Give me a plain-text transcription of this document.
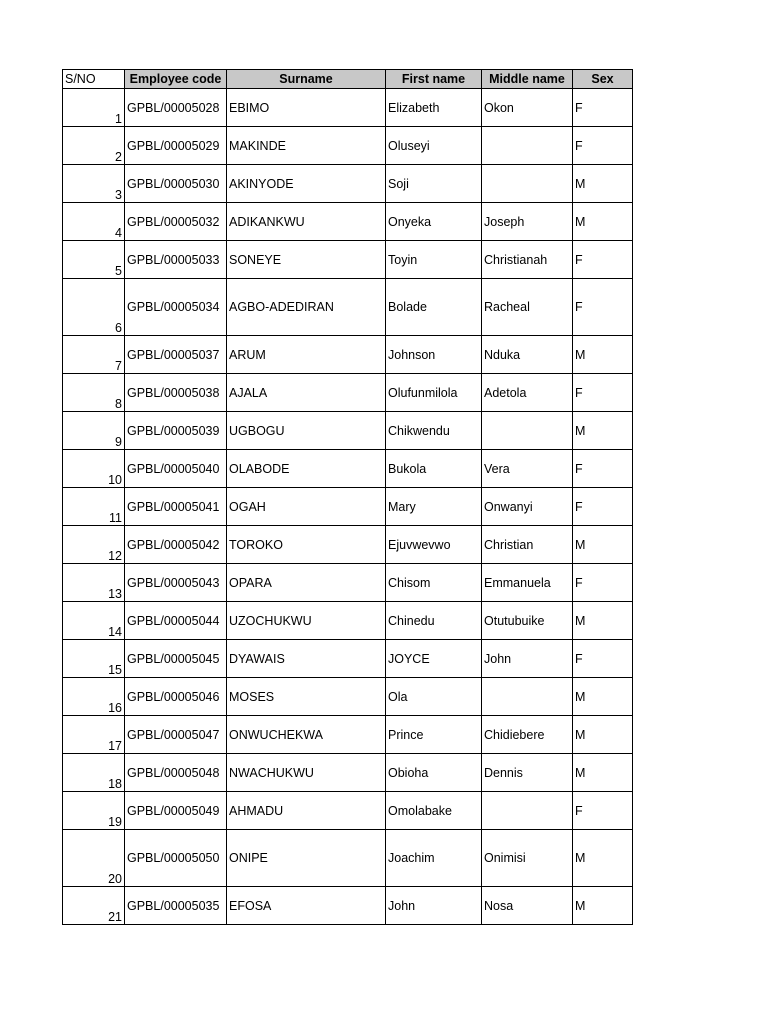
S/NO	Employee code	Surname	First name	Middle name	Sex
1	GPBL/00005028	EBIMO	Elizabeth	Okon	F
2	GPBL/00005029	MAKINDE	Oluseyi		F
3	GPBL/00005030	AKINYODE	Soji		M
4	GPBL/00005032	ADIKANKWU	Onyeka	Joseph	M
5	GPBL/00005033	SONEYE	Toyin	Christianah	F
6	GPBL/00005034	AGBO-ADEDIRAN	Bolade	Racheal	F
7	GPBL/00005037	ARUM	Johnson	Nduka	M
8	GPBL/00005038	AJALA	Olufunmilola	Adetola	F
9	GPBL/00005039	UGBOGU	Chikwendu		M
10	GPBL/00005040	OLABODE	Bukola	Vera	F
11	GPBL/00005041	OGAH	Mary	Onwanyi	F
12	GPBL/00005042	TOROKO	Ejuvwevwo	Christian	M
13	GPBL/00005043	OPARA	Chisom	Emmanuela	F
14	GPBL/00005044	UZOCHUKWU	Chinedu	Otutubuike	M
15	GPBL/00005045	DYAWAIS	JOYCE	John	F
16	GPBL/00005046	MOSES	Ola		M
17	GPBL/00005047	ONWUCHEKWA	Prince	Chidiebere	M
18	GPBL/00005048	NWACHUKWU	Obioha	Dennis	M
19	GPBL/00005049	AHMADU	Omolabake		F
20	GPBL/00005050	ONIPE	Joachim	Onimisi	M
21	GPBL/00005035	EFOSA	John	Nosa	M
